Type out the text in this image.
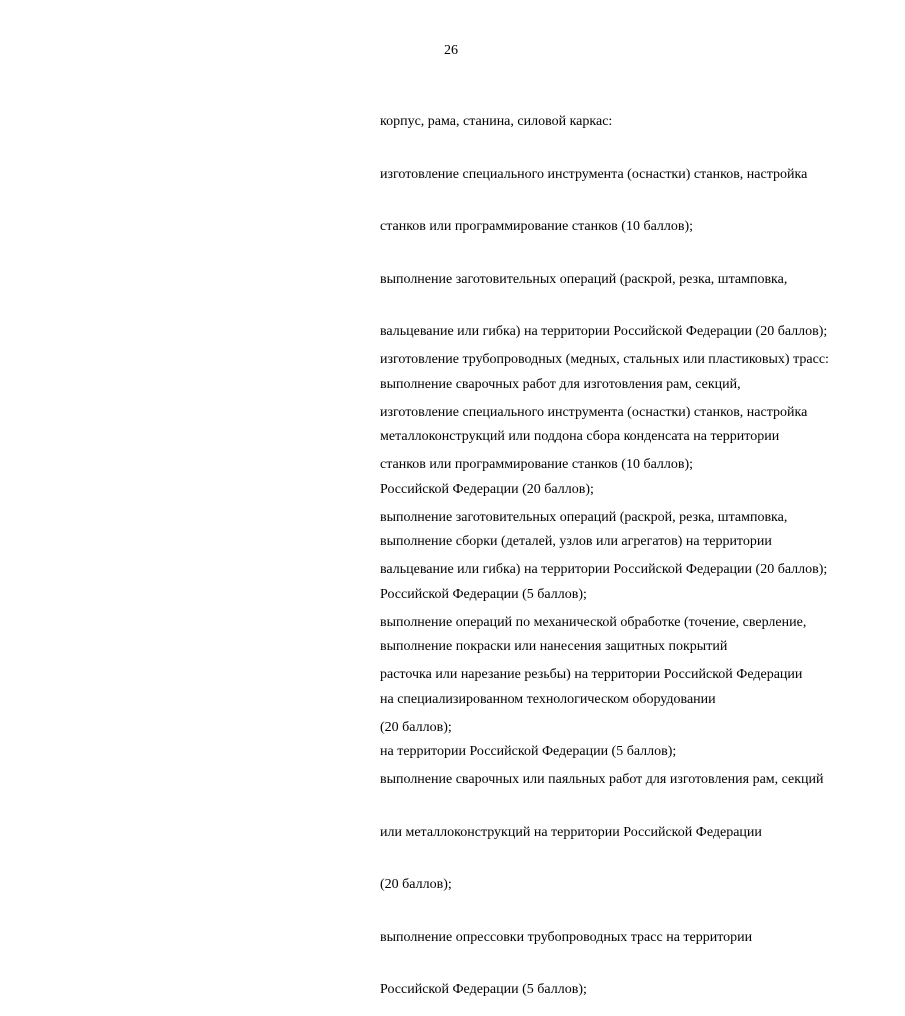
26

корпус, рама, станина, силовой каркас:

изготовление специального инструмента (оснастки) станков, настройка

станков или программирование станков (10 баллов);

выполнение заготовительных операций (раскрой, резка, штамповка,

вальцевание или гибка) на территории Российской Федерации (20 баллов);

выполнение сварочных работ для изготовления рам, секций,

металлоконструкций или поддона сбора конденсата на территории

Российской Федерации (20 баллов);

выполнение сборки (деталей, узлов или агрегатов) на территории

Российской Федерации (5 баллов);

выполнение покраски или нанесения защитных покрытий

на специализированном технологическом оборудовании

на территории Российской Федерации (5 баллов);

изготовление трубопроводных (медных, стальных или пластиковых) трасс:

изготовление специального инструмента (оснастки) станков, настройка

станков или программирование станков (10 баллов);

выполнение заготовительных операций (раскрой, резка, штамповка,

вальцевание или гибка) на территории Российской Федерации (20 баллов);

выполнение операций по механической обработке (точение, сверление,

расточка или нарезание резьбы) на территории Российской Федерации

(20 баллов);

выполнение сварочных или паяльных работ для изготовления рам, секций

или металлоконструкций на территории Российской Федерации

(20 баллов);

выполнение опрессовки трубопроводных трасс на территории

Российской Федерации (5 баллов);
